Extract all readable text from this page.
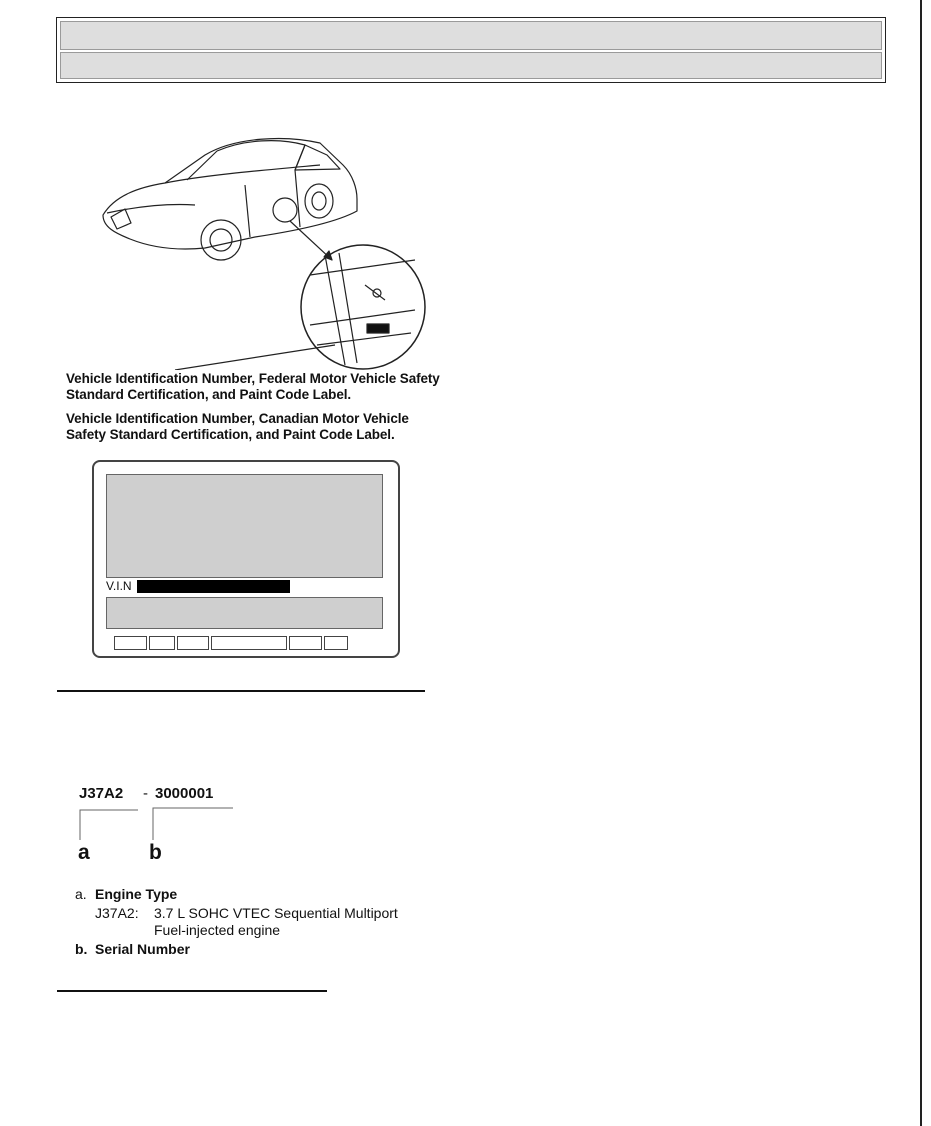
Vehicle Identification Number, Federal Motor Vehicle Safety Standard Certification, and Paint Code Label.
Vehicle Identification Number, Canadian Motor Vehicle Safety Standard Certification, and Paint Code Label.
V.I.N
J37A2 - 3000001
a	b
a. Engine Type
J37A2: 3.7 L SOHC VTEC Sequential Multiport
Fuel-injected engine
b. Serial Number
